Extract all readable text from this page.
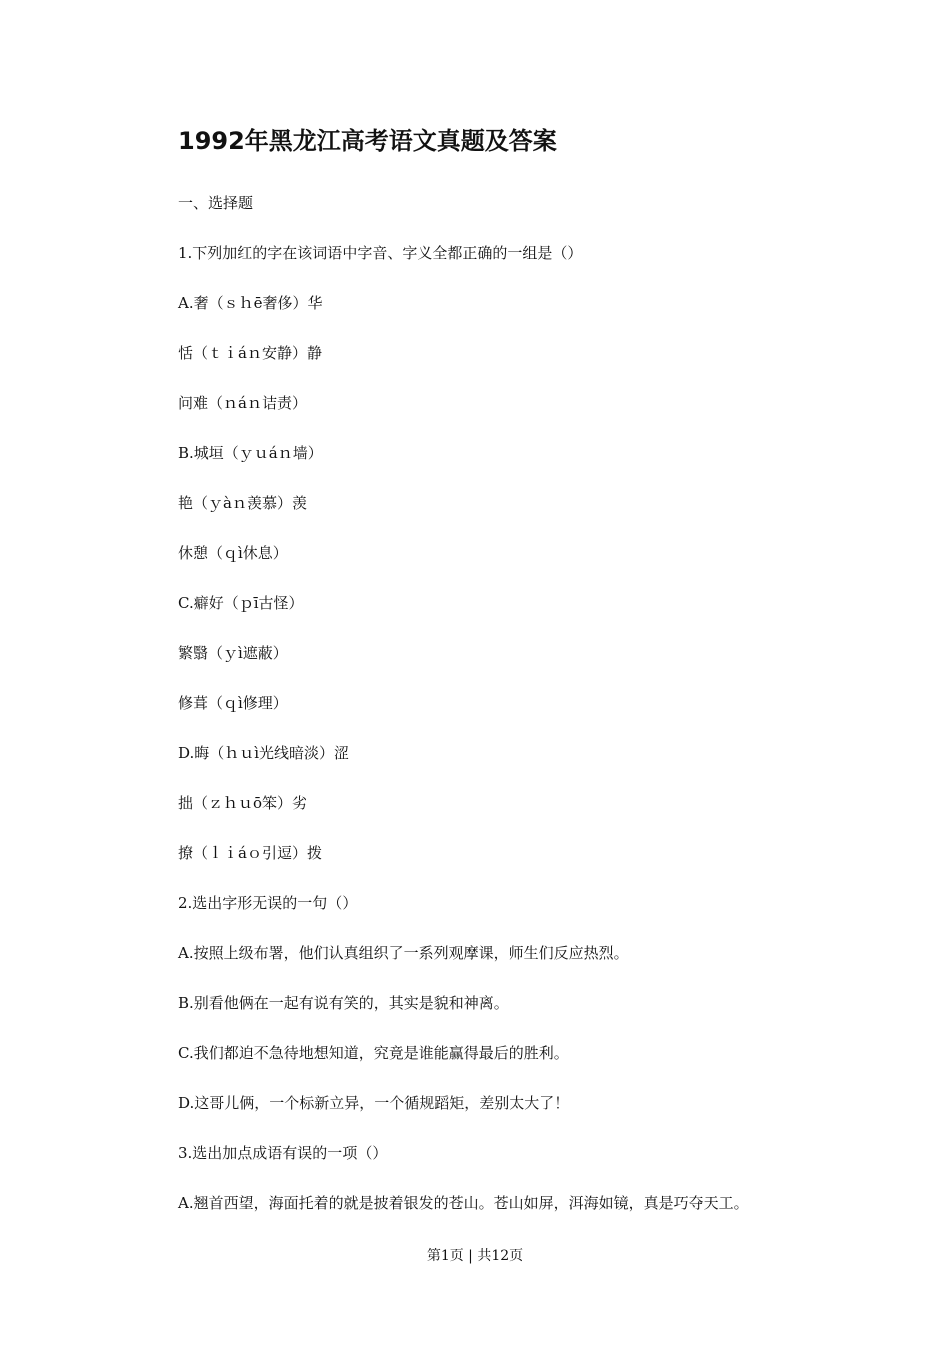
1992年黑龙江高考语文真题及答案
一、选择题
1.下列加红的字在该词语中字音、字义全都正确的一组是（）
A.奢（ｓｈē奢侈）华
恬（ｔｉáｎ安静）静
问难（ｎáｎ诘责）
B.城垣（ｙｕáｎ墙）
艳（ｙàｎ羡慕）羡
休憩（ｑì休息）
C.癖好（ｐī古怪）
繁翳（ｙì遮蔽）
修葺（ｑì修理）
D.晦（ｈｕì光线暗淡）涩
拙（ｚｈｕō笨）劣
撩（ｌｉáｏ引逗）拨
2.选出字形无误的一句（）
A.按照上级布署，他们认真组织了一系列观摩课，师生们反应热烈。
B.别看他俩在一起有说有笑的，其实是貌和神离。
C.我们都迫不急待地想知道，究竟是谁能赢得最后的胜利。
D.这哥儿俩，一个标新立异，一个循规蹈矩，差别太大了！
3.选出加点成语有误的一项（）
A.翘首西望，海面托着的就是披着银发的苍山。苍山如屏，洱海如镜，真是巧夺天工。
第1页 | 共12页
